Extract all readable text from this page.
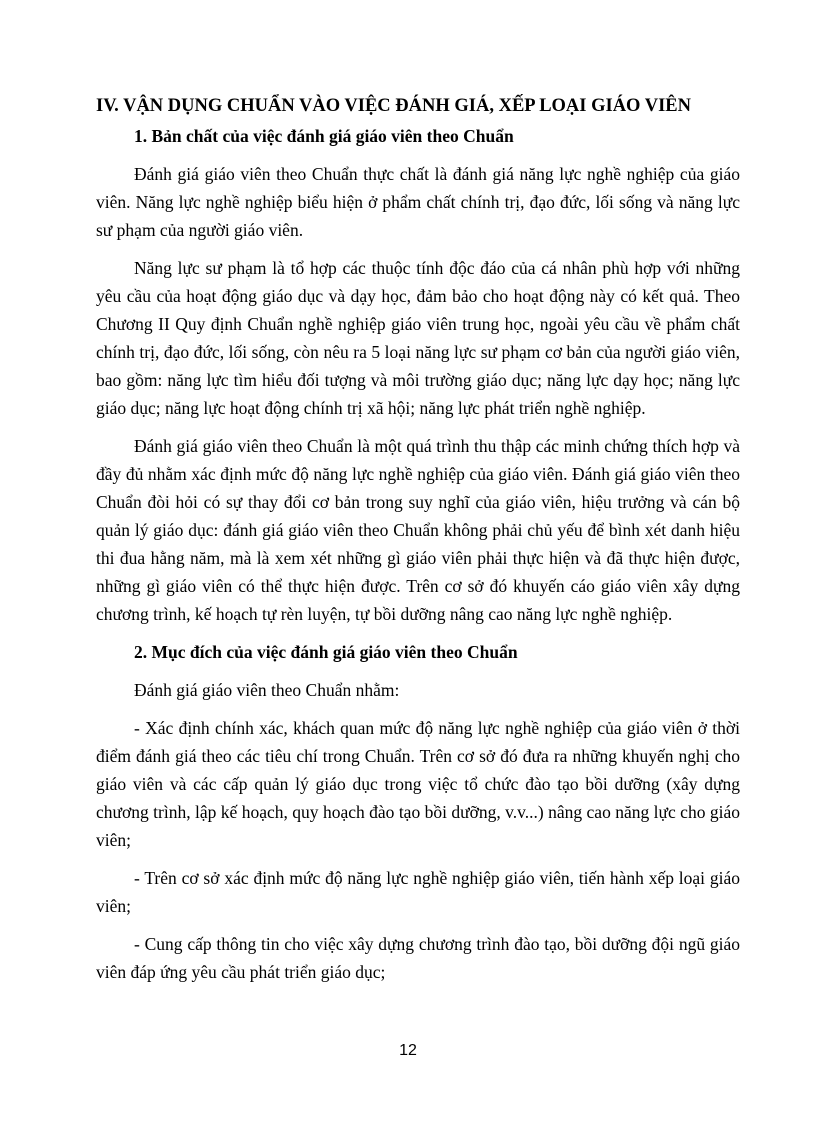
IV. VẬN DỤNG CHUẨN VÀO VIỆC ĐÁNH GIÁ, XẾP LOẠI GIÁO VIÊN
1. Bản chất của việc đánh giá giáo viên theo Chuẩn

Đánh giá giáo viên theo Chuẩn thực chất là đánh giá năng lực nghề nghiệp của giáo viên. Năng lực nghề nghiệp biểu hiện ở phẩm chất chính trị, đạo đức, lối sống và năng lực sư phạm của người giáo viên.

Năng lực sư phạm là tổ hợp các thuộc tính độc đáo của cá nhân phù hợp với những yêu cầu của hoạt động giáo dục và dạy học, đảm bảo cho hoạt động này có kết quả. Theo Chương II Quy định Chuẩn nghề nghiệp giáo viên trung học, ngoài yêu cầu về phẩm chất chính trị, đạo đức, lối sống, còn nêu ra 5 loại năng lực sư phạm cơ bản của người giáo viên, bao gồm: năng lực tìm hiểu đối tượng và môi trường giáo dục; năng lực dạy học; năng lực giáo dục; năng lực hoạt động chính trị xã hội; năng lực phát triển nghề nghiệp.

Đánh giá giáo viên theo Chuẩn là một quá trình thu thập các minh chứng thích hợp và đầy đủ nhằm xác định mức độ năng lực nghề nghiệp của giáo viên. Đánh giá giáo viên theo Chuẩn đòi hỏi có sự thay đổi cơ bản trong suy nghĩ của giáo viên, hiệu trưởng và cán bộ quản lý giáo dục: đánh giá giáo viên theo Chuẩn không phải chủ yếu để bình xét danh hiệu thi đua hằng năm, mà là xem xét những gì giáo viên phải thực hiện và đã thực hiện được, những gì giáo viên có thể thực hiện được. Trên cơ sở đó khuyến cáo giáo viên xây dựng chương trình, kế hoạch tự rèn luyện, tự bồi dưỡng nâng cao năng lực nghề nghiệp.

2. Mục đích của việc đánh giá giáo viên theo Chuẩn

Đánh giá giáo viên theo Chuẩn nhằm:

- Xác định chính xác, khách quan mức độ năng lực nghề nghiệp của giáo viên ở thời điểm đánh giá theo các tiêu chí trong Chuẩn. Trên cơ sở đó đưa ra những khuyến nghị cho giáo viên và các cấp quản lý giáo dục trong việc tổ chức đào tạo bồi dưỡng (xây dựng chương trình, lập kế hoạch, quy hoạch đào tạo bồi dưỡng, v.v...) nâng cao năng lực cho giáo viên;

- Trên cơ sở xác định mức độ năng lực nghề nghiệp giáo viên, tiến hành xếp loại giáo viên;

- Cung cấp thông tin cho việc xây dựng chương trình đào tạo, bồi dưỡng đội ngũ giáo viên đáp ứng yêu cầu phát triển giáo dục;

12
